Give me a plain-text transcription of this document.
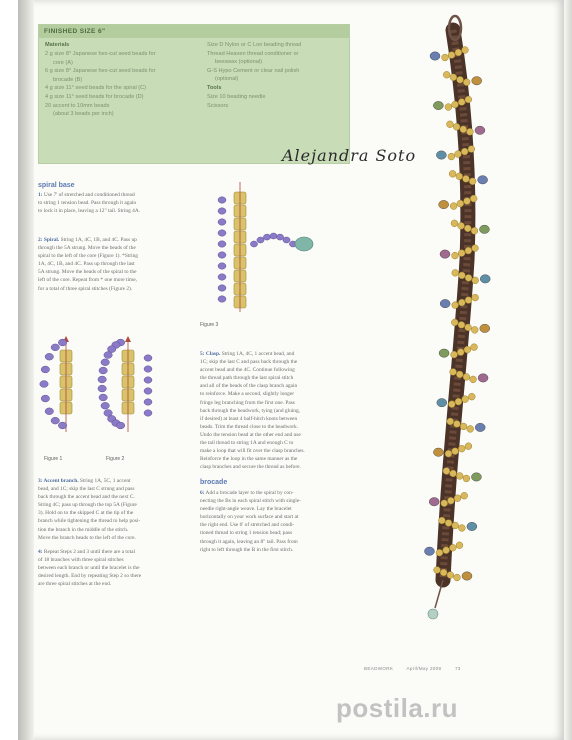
FINISHED SIZE 6"
Materials
2 g size 8° Japanese hex-cut seed beads for
core (A)
6 g size 8° Japanese hex-cut seed beads for
brocade (B)
4 g size 11° seed beads for the spiral (C)
4 g size 11° seed beads for brocade (D)
20 accent to 10mm beads
(about 3 beads per inch)
Size D Nylon or C Lon beading thread
Thread Heaven thread conditioner or
beeswax (optional)
G-S Hypo Cement or clear nail polish
(optional)
Tools
Size 10 beading needle
Scissors
Alejandra Soto
spiral base
1: Use 7' of stretched and conditioned thread
to string 1 tension bead. Pass through it again
to lock it in place, leaving a 12" tail. String 4A.
2: Spiral. String 1A, 4C, 1B, and 4C. Pass up
through the 5A strung. Move the beads of the
spiral to the left of the core (Figure 1). *String
1A, 4C, 1B, and 4C. Pass up through the last
5A strung. Move the beads of the spiral to the
left of the core. Repeat from * one more time,
for a total of three spiral stitches (Figure 2).
Figure 1	Figure 2
Figure 3
3: Accent branch. String 1A, 5C, 1 accent
bead, and 1C; skip the last C strung and pass
back through the accent bead and the next C.
String 4C; pass up through the top 5A (Figure
3). Hold on to the skipped C at the tip of the
branch while tightening the thread to help posi-
tion the branch in the middle of the stitch.
Move the branch beads to the left of the core.
4: Repeat Steps 2 and 3 until there are a total
of 18 branches with three spiral stitches
between each branch or until the bracelet is the
desired length. End by repeating Step 2 so there
are three spiral stitches at the end.
5: Clasp. String 1A, 4C, 1 accent bead, and
1C; skip the last C and pass back through the
accent bead and the 4C. Continue following
the thread path through the last spiral stitch
and all of the beads of the clasp branch again
to reinforce. Make a second, slightly longer
fringe leg branching from the first one. Pass
back through the beadwork, tying (and gluing,
if desired) at least 4 half-hitch knots between
beads. Trim the thread close to the beadwork.
Undo the tension bead at the other end and use
the tail thread to string 1A and enough C to
make a loop that will fit over the clasp branches.
Reinforce the loop in the same manner as the
clasp branches and secure the thread as before.
brocade
6: Add a brocade layer to the spiral by con-
necting the Bs in each spiral stitch with single-
needle right-angle weave. Lay the bracelet
horizontally on your work surface and start at
the right end. Use 6' of stretched and condi-
tioned thread to string 1 tension bead; pass
through it again, leaving an 8" tail. Pass from
right to left through the B in the first stitch.
BEADWORK	April/May 2008	73
postila.ru
